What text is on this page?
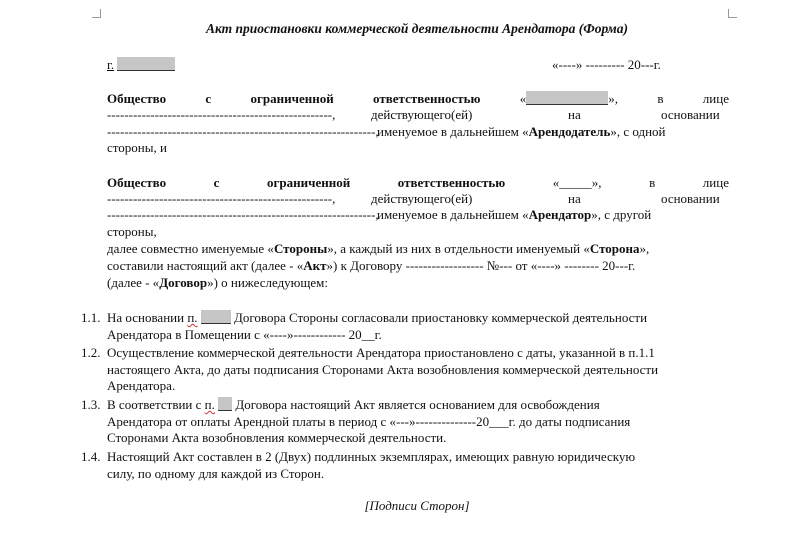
Акт приостановки коммерческой деятельности Арендатора (Форма)
г.	«----» --------- 20---г.
Общество	с	ограниченной	ответственностью	«	»,	в	лице
----------------------------------------------------,	действующего(ей)	на	основании
--------------------------------------------------------------,
именуемое в дальнейшем «Арендодатель», с одной
стороны, и
Общество	с	ограниченной	ответственностью	«_____»,	в	лице
----------------------------------------------------,	действующего(ей)	на	основании
--------------------------------------------------------------,
именуемое в дальнейшем «Арендатор», с другой
стороны,
далее совместно именуемые «Стороны», а каждый из них в отдельности именуемый «Сторона»,
составили настоящий акт (далее - «Акт») к Договору ------------------ №--- от «----» -------- 20---г.
(далее - «Договор») о нижеследующем:
1.1. На основании п.	Договора Стороны согласовали приостановку коммерческой деятельности
Арендатора в Помещении с «----»------------ 20__г.
1.2. Осуществление коммерческой деятельности Арендатора приостановлено с даты, указанной в п.1.1
настоящего Акта, до даты подписания Сторонами Акта возобновления коммерческой деятельности
Арендатора.
1.3. В соответствии с п. Договора настоящий Акт является основанием для освобождения
Арендатора от оплаты Арендной платы в период с «---»--------------20___г. до даты подписания
Сторонами Акта возобновления коммерческой деятельности.
1.4. Настоящий Акт составлен в 2 (Двух) подлинных экземплярах, имеющих равную юридическую
силу, по одному для каждой из Сторон.
[Подписи Сторон]
